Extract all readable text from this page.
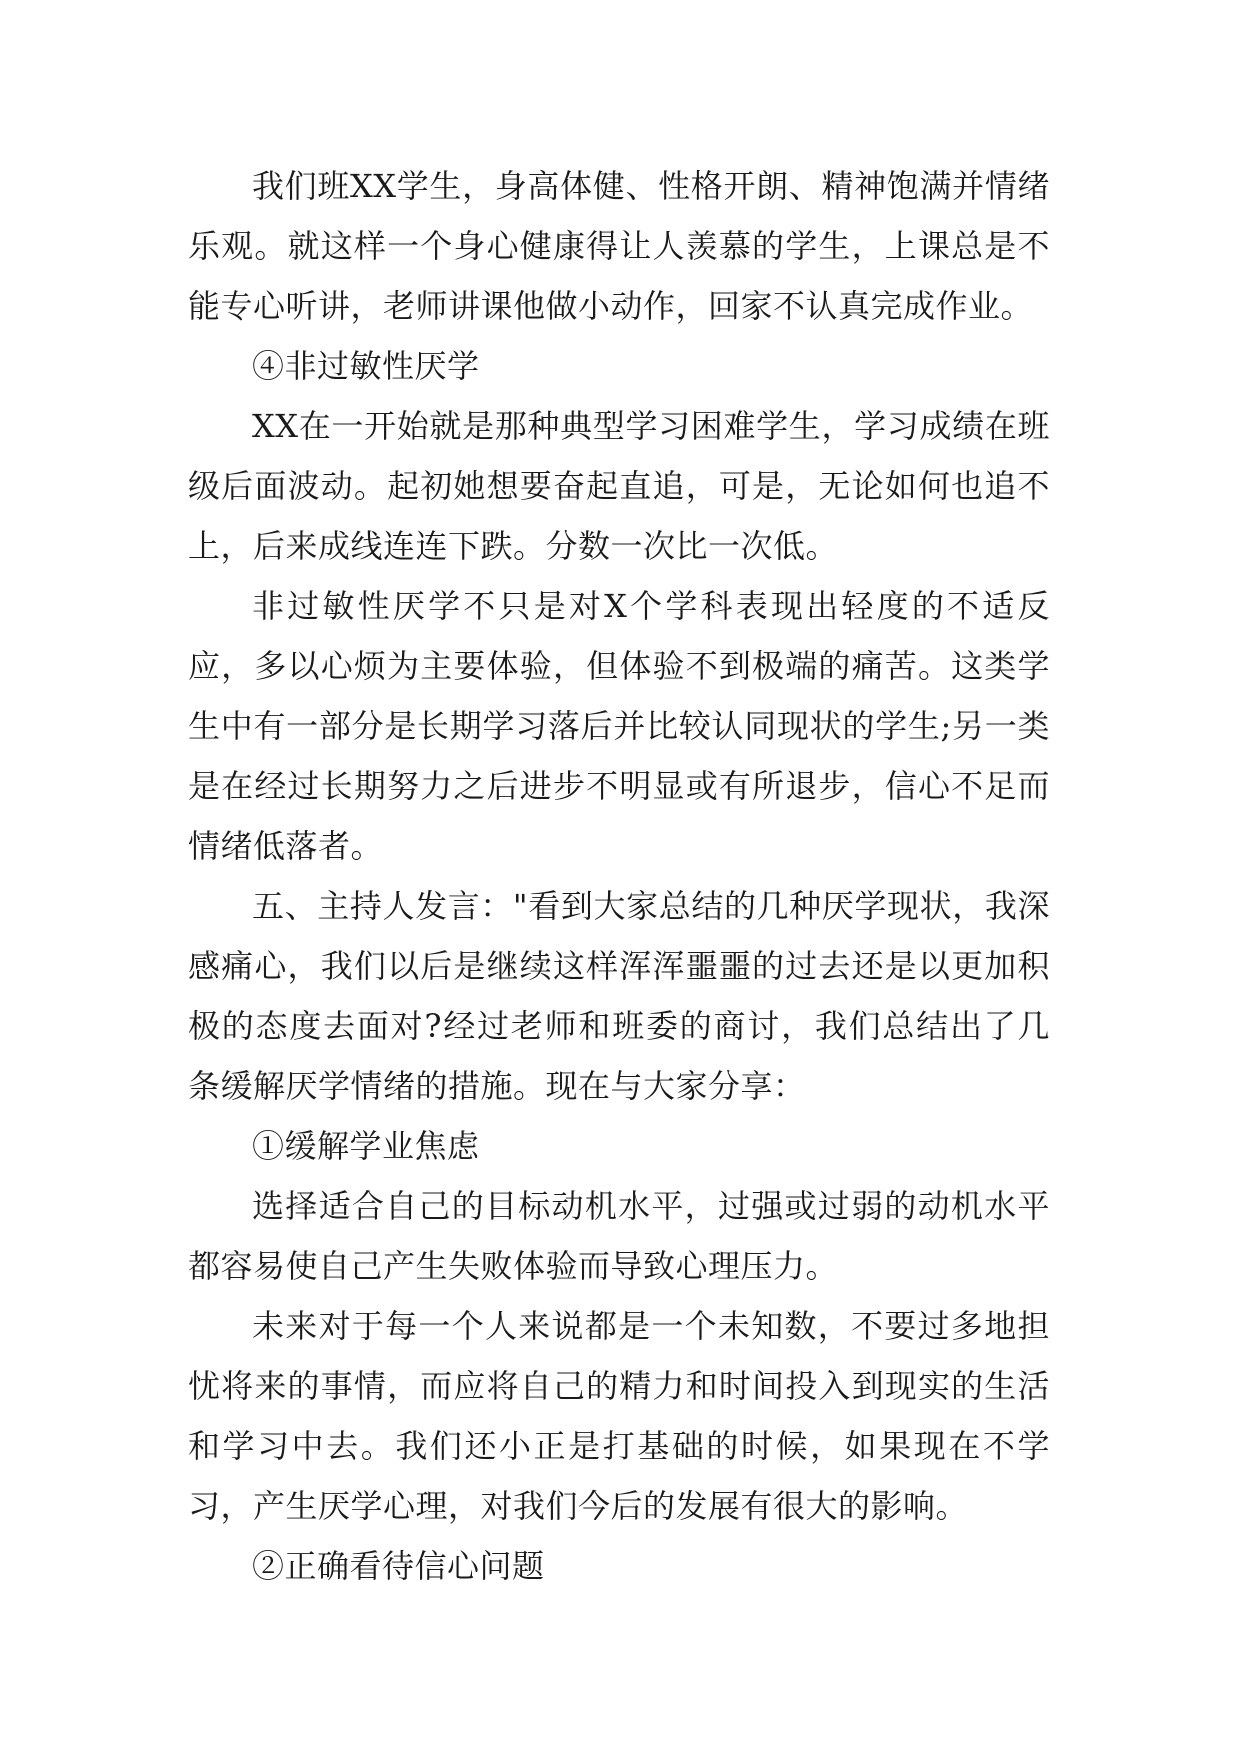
我们班XX学生，身高体健、性格开朗、精神饱满并情绪乐观。就这样一个身心健康得让人羡慕的学生，上课总是不能专心听讲，老师讲课他做小动作，回家不认真完成作业。

④非过敏性厌学

XX在一开始就是那种典型学习困难学生，学习成绩在班级后面波动。起初她想要奋起直追，可是，无论如何也追不上，后来成线连连下跌。分数一次比一次低。

非过敏性厌学不只是对X个学科表现出轻度的不适反应，多以心烦为主要体验，但体验不到极端的痛苦。这类学生中有一部分是长期学习落后并比较认同现状的学生;另一类是在经过长期努力之后进步不明显或有所退步，信心不足而情绪低落者。

五、主持人发言："看到大家总结的几种厌学现状，我深感痛心，我们以后是继续这样浑浑噩噩的过去还是以更加积极的态度去面对?经过老师和班委的商讨，我们总结出了几条缓解厌学情绪的措施。现在与大家分享：

①缓解学业焦虑

选择适合自己的目标动机水平，过强或过弱的动机水平都容易使自己产生失败体验而导致心理压力。

未来对于每一个人来说都是一个未知数，不要过多地担忧将来的事情，而应将自己的精力和时间投入到现实的生活和学习中去。我们还小正是打基础的时候，如果现在不学习，产生厌学心理，对我们今后的发展有很大的影响。

②正确看待信心问题
